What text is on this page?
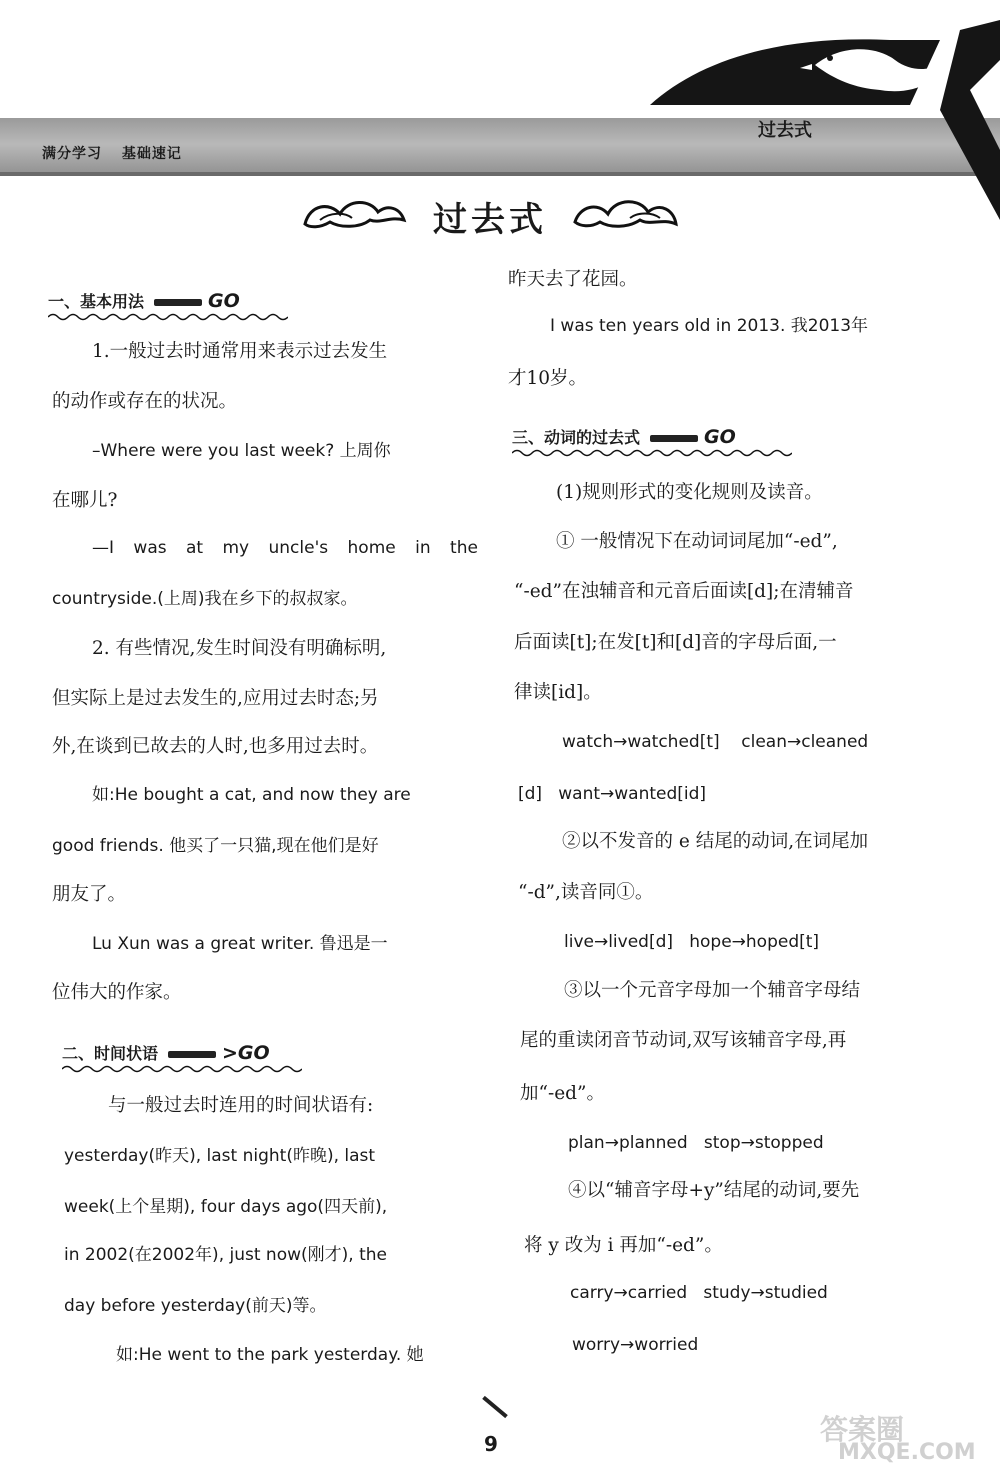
满分学习 基础速记
过去式
过去式
一、基本用法	GO
1.一般过去时通常用来表示过去发生
的动作或存在的状况。
–Where were you last week? 上周你
在哪儿?
—I was at my uncle's home in the
countryside.(上周)我在乡下的叔叔家。
2. 有些情况,发生时间没有明确标明,
但实际上是过去发生的,应用过去时态;另
外,在谈到已故去的人时,也多用过去时。
如:He bought a cat, and now they are
good friends. 他买了一只猫,现在他们是好
朋友了。
Lu Xun was a great writer. 鲁迅是一
位伟大的作家。
二、时间状语	>GO
与一般过去时连用的时间状语有:
yesterday(昨天), last night(昨晚), last
week(上个星期), four days ago(四天前),
in 2002(在2002年), just now(刚才), the
day before yesterday(前天)等。
如:He went to the park yesterday. 她
昨天去了花园。
I was ten years old in 2013. 我2013年
才10岁。
三、动词的过去式	GO
(1)规则形式的变化规则及读音。
① 一般情况下在动词词尾加“-ed”,
“-ed”在浊辅音和元音后面读[d];在清辅音
后面读[t];在发[t]和[d]音的字母后面,一
律读[id]。
watch→watched[t]    clean→cleaned
[d]   want→wanted[id]
②以不发音的 e 结尾的动词,在词尾加
“-d”,读音同①。
live→lived[d]   hope→hoped[t]
③以一个元音字母加一个辅音字母结
尾的重读闭音节动词,双写该辅音字母,再
加“-ed”。
plan→planned   stop→stopped
④以“辅音字母+y”结尾的动词,要先
将 y 改为 i 再加“-ed”。
carry→carried   study→studied
worry→worried
9	答案圈
MXQE.COM
